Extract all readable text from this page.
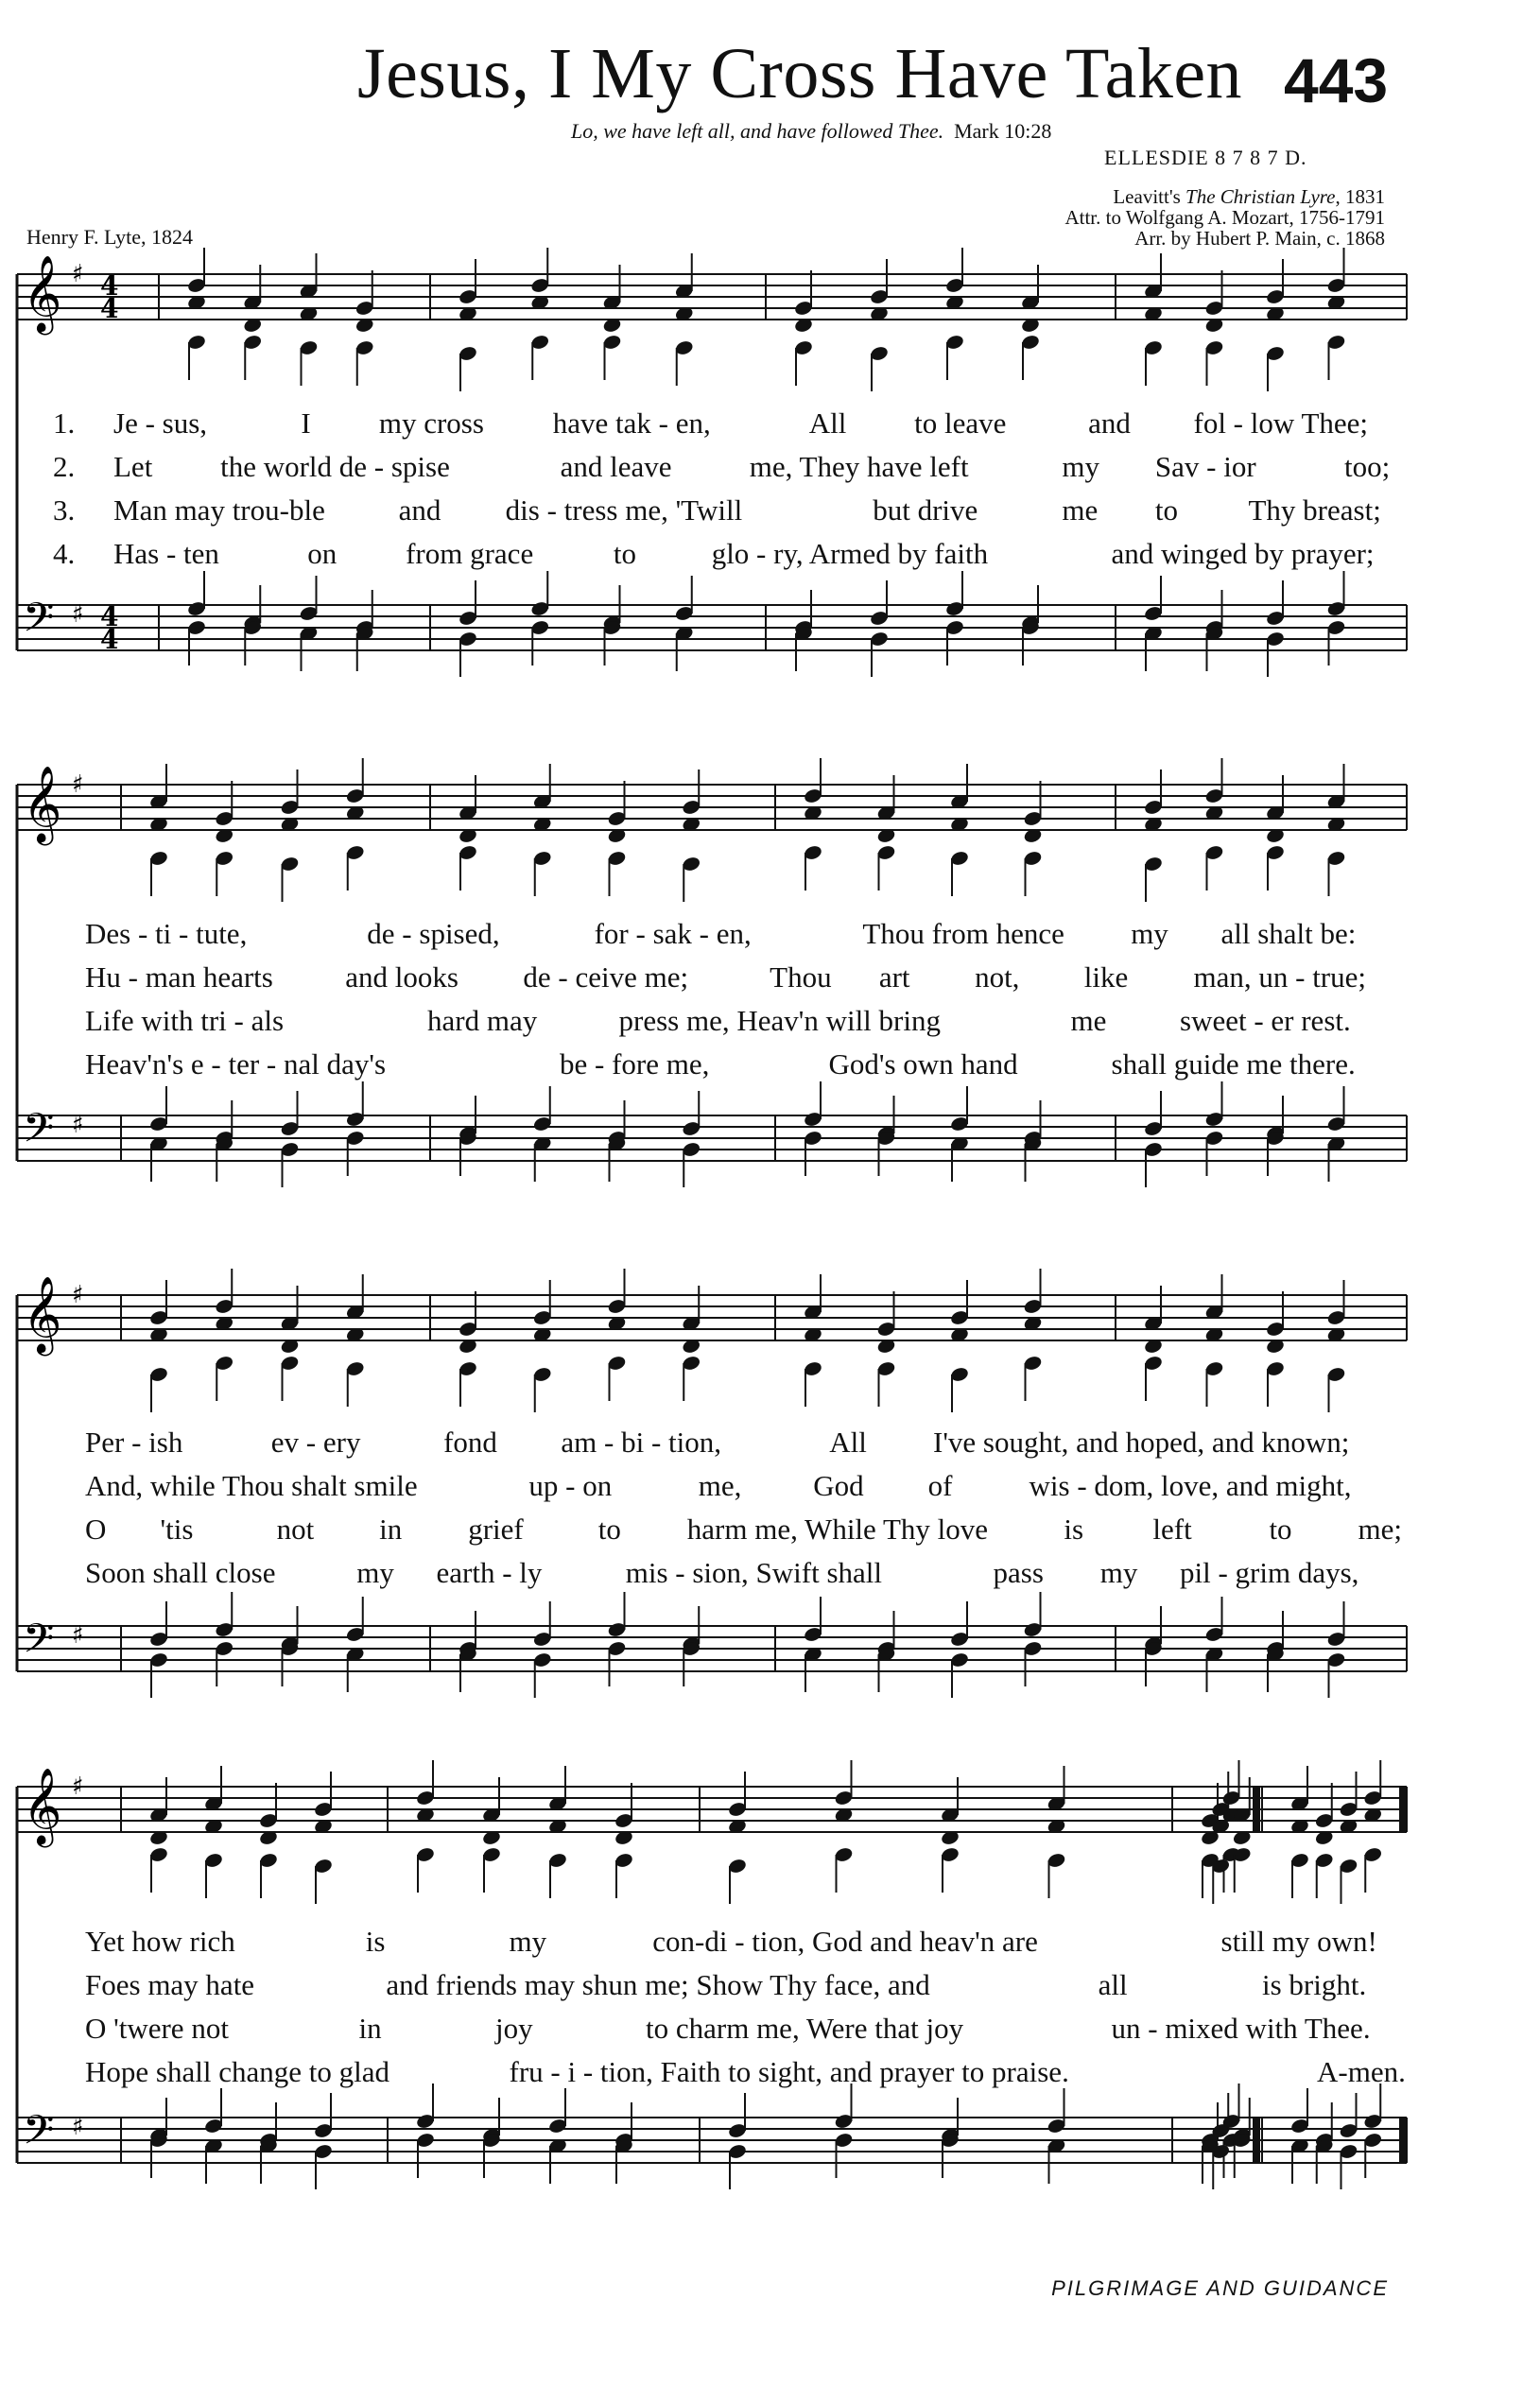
Jesus, I My Cross Have Taken 443
Lo, we have left all, and have followed Thee. Mark 10:28
ELLESDIE 8 7 8 7 D.
Leavitt's The Christian Lyre, 1831
Attr. to Wolfgang A. Mozart, 1756-1791
Arr. by Hubert P. Main, c. 1868
Henry F. Lyte, 1824
𝄞
𝄢
♯
♯
4
4
4
4
1.
2.
3.
4.
Je - sus,	I my cross have tak - en,	All to leave	and fol - low Thee;
Let the world de - spise	and leave	me, They have left	my Sav - ior	too;
Man may trou-ble	and dis - tress me, 'Twill	but drive	me to Thy breast;
Has - ten	on from grace	to	glo - ry, Armed by faith	and winged by prayer;
𝄞
𝄢
♯
♯
Des - ti - tute,	de - spised,	for - sak - en,	Thou from hence my all shalt be:
Hu - man hearts and looks de - ceive me;	Thou art not, like man, un - true;
Life with tri - als	hard may	press me, Heav'n will bring	me	sweet - er rest.
Heav'n's e - ter - nal day's	be - fore me,	God's own hand	shall guide me there.
𝄞
𝄢
♯
♯
Per - ish	ev - ery	fond am - bi - tion,	All I've sought, and hoped, and known;
And, while Thou shalt smile	up - on	me, God of	wis - dom, love, and might,
O 'tis	not in grief	to harm me, While Thy love	is left	to me;
Soon shall close	my earth - ly	mis - sion, Swift shall	pass my pil - grim days,
𝄞
𝄢
♯
♯
Yet how rich	is	my	con-di - tion, God and heav'n are	still my own!
Foes may hate	and friends may shun me; Show Thy face, and	all	is bright.
O 'twere not	in	joy	to charm me, Were that joy	un - mixed with Thee.
Hope shall change to glad	fru - i - tion, Faith to sight, and prayer to praise.	A-men.
PILGRIMAGE AND GUIDANCE
